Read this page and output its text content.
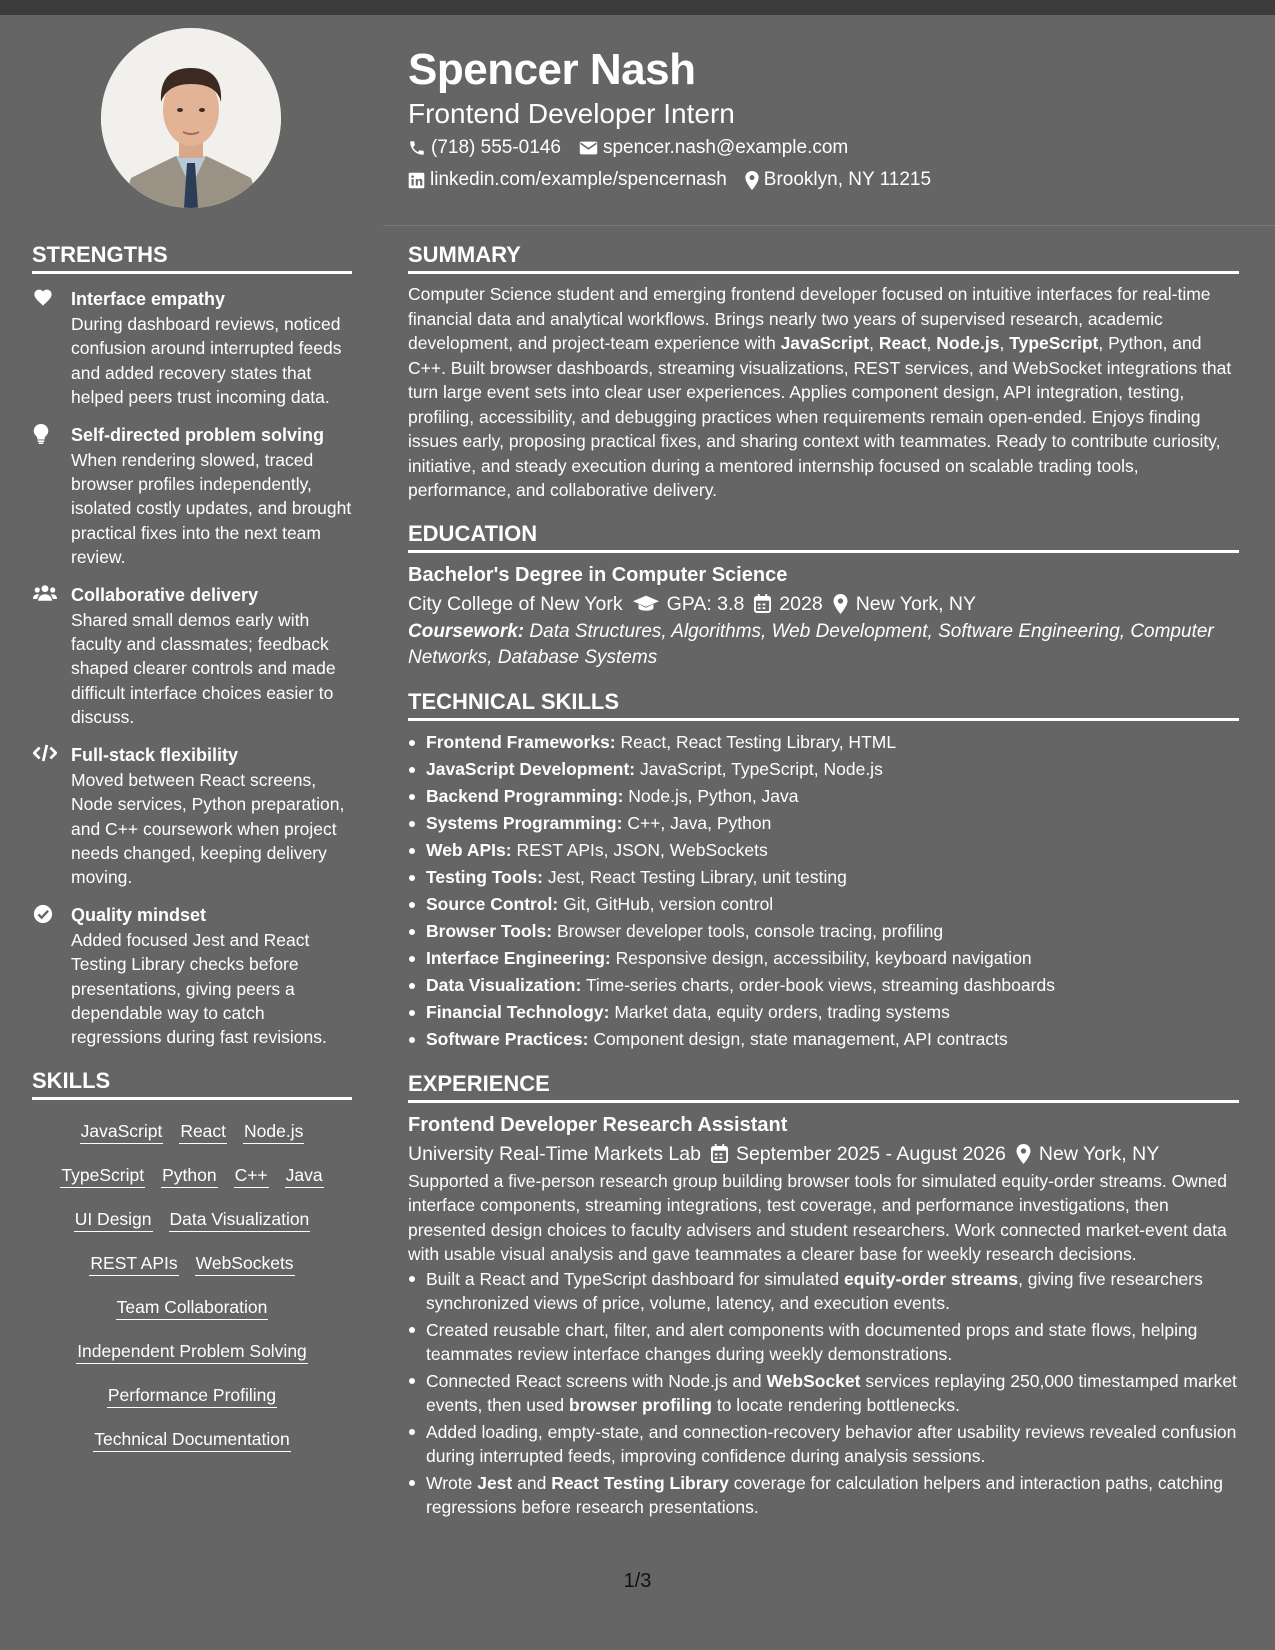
Spencer Nash
Frontend Developer Intern
(718) 555-0146 spencer.nash@example.com
linkedin.com/example/spencernash Brooklyn, NY 11215
STRENGTHS
Interface empathy
During dashboard reviews, noticed confusion around interrupted feeds and added recovery states that helped peers trust incoming data.
Self-directed problem solving
When rendering slowed, traced browser profiles independently, isolated costly updates, and brought practical fixes into the next team review.
Collaborative delivery
Shared small demos early with faculty and classmates; feedback shaped clearer controls and made difficult interface choices easier to discuss.
Full-stack flexibility
Moved between React screens, Node services, Python preparation, and C++ coursework when project needs changed, keeping delivery moving.
Quality mindset
Added focused Jest and React Testing Library checks before presentations, giving peers a dependable way to catch regressions during fast revisions.
SKILLS
JavaScript React Node.js
TypeScript Python C++ Java
UI Design Data Visualization
REST APIs WebSockets
Team Collaboration
Independent Problem Solving
Performance Profiling
Technical Documentation
SUMMARY
Computer Science student and emerging frontend developer focused on intuitive interfaces for real-time financial data and analytical workflows. Brings nearly two years of supervised research, academic development, and project-team experience with JavaScript, React, Node.js, TypeScript, Python, and C++. Built browser dashboards, streaming visualizations, REST services, and WebSocket integrations that turn large event sets into clear user experiences. Applies component design, API integration, testing, profiling, accessibility, and debugging practices when requirements remain open-ended. Enjoys finding issues early, proposing practical fixes, and sharing context with teammates. Ready to contribute curiosity, initiative, and steady execution during a mentored internship focused on scalable trading tools, performance, and collaborative delivery.
EDUCATION
Bachelor's Degree in Computer Science
City College of New York GPA: 3.8 2028 New York, NY
Coursework: Data Structures, Algorithms, Web Development, Software Engineering, Computer Networks, Database Systems
TECHNICAL SKILLS
Frontend Frameworks: React, React Testing Library, HTML
JavaScript Development: JavaScript, TypeScript, Node.js
Backend Programming: Node.js, Python, Java
Systems Programming: C++, Java, Python
Web APIs: REST APIs, JSON, WebSockets
Testing Tools: Jest, React Testing Library, unit testing
Source Control: Git, GitHub, version control
Browser Tools: Browser developer tools, console tracing, profiling
Interface Engineering: Responsive design, accessibility, keyboard navigation
Data Visualization: Time-series charts, order-book views, streaming dashboards
Financial Technology: Market data, equity orders, trading systems
Software Practices: Component design, state management, API contracts
EXPERIENCE
Frontend Developer Research Assistant
University Real-Time Markets Lab September 2025 - August 2026 New York, NY
Supported a five-person research group building browser tools for simulated equity-order streams. Owned interface components, streaming integrations, test coverage, and performance investigations, then presented design choices to faculty advisers and student researchers. Work connected market-event data with usable visual analysis and gave teammates a clearer base for weekly research decisions.
Built a React and TypeScript dashboard for simulated equity-order streams, giving five researchers synchronized views of price, volume, latency, and execution events.
Created reusable chart, filter, and alert components with documented props and state flows, helping teammates review interface changes during weekly demonstrations.
Connected React screens with Node.js and WebSocket services replaying 250,000 timestamped market events, then used browser profiling to locate rendering bottlenecks.
Added loading, empty-state, and connection-recovery behavior after usability reviews revealed confusion during interrupted feeds, improving confidence during analysis sessions.
Wrote Jest and React Testing Library coverage for calculation helpers and interaction paths, catching regressions before research presentations.
1/3
